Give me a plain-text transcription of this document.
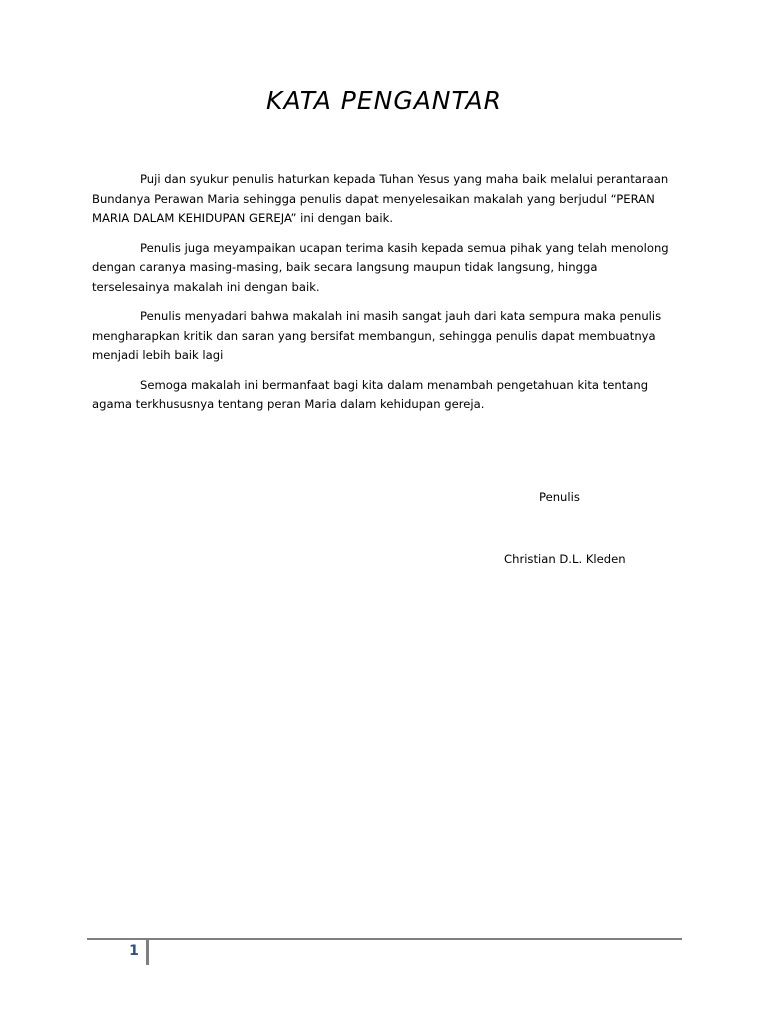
KATA PENGANTAR

Puji dan syukur penulis haturkan kepada Tuhan Yesus yang maha baik melalui perantaraan Bundanya Perawan Maria sehingga penulis dapat menyelesaikan makalah yang berjudul “PERAN MARIA DALAM KEHIDUPAN GEREJA” ini dengan baik.

Penulis juga meyampaikan ucapan terima kasih kepada semua pihak yang telah menolong dengan caranya masing-masing, baik secara langsung maupun tidak langsung, hingga terselesainya makalah ini dengan baik.

Penulis menyadari bahwa makalah ini masih sangat jauh dari kata sempura maka penulis mengharapkan kritik dan saran yang bersifat membangun, sehingga penulis dapat membuatnya menjadi lebih baik lagi

Semoga makalah ini bermanfaat bagi kita dalam menambah pengetahuan kita tentang agama terkhususnya tentang peran Maria dalam kehidupan gereja.

Penulis
Christian D.L. Kleden
1
